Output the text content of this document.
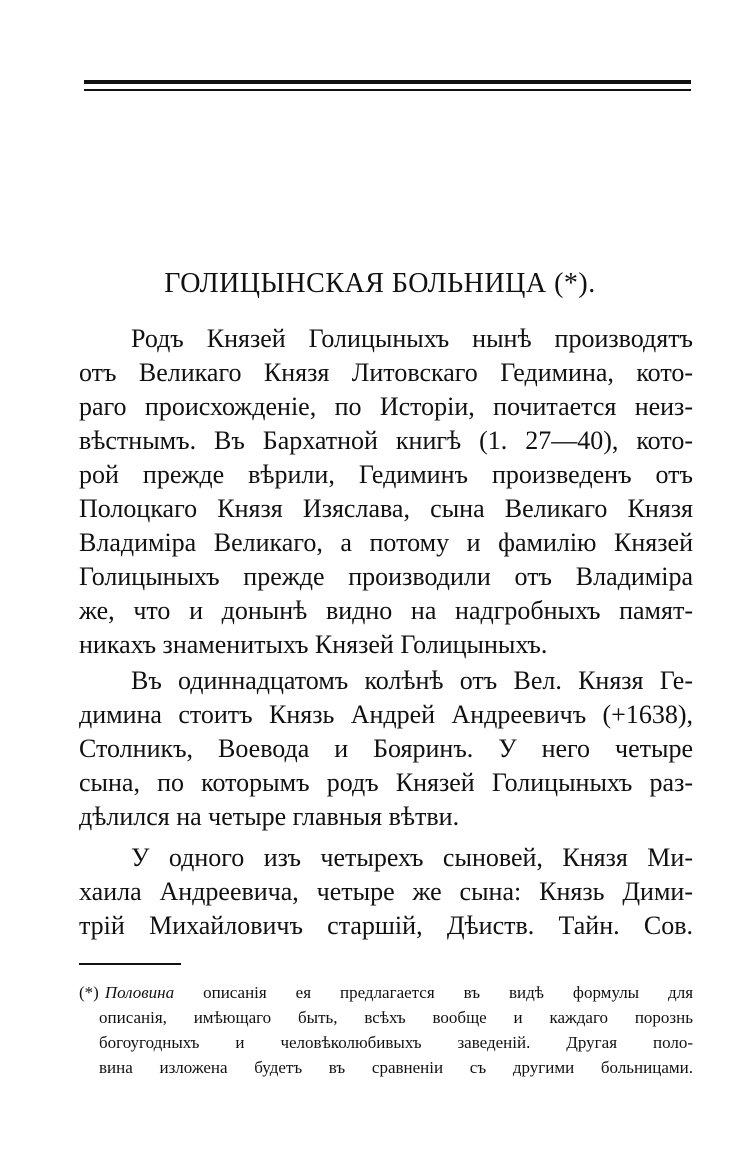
ГОЛИЦЫНСКАЯ БОЛЬНИЦА (*).
Родъ Князей Голицыныхъ нынѣ производятъ
отъ Великаго Князя Литовскаго Гедимина, кото-
раго происхожденіе, по Исторіи, почитается неиз-
вѣстнымъ. Въ Бархатной книгѣ (1. 27—40), кото-
рой прежде вѣрили, Гедиминъ произведенъ отъ
Полоцкаго Князя Изяслава, сына Великаго Князя
Владиміра Великаго, а потому и фамилію Князей
Голицыныхъ прежде производили отъ Владиміра
же, что и донынѣ видно на надгробныхъ памят-
никахъ знаменитыхъ Князей Голицыныхъ.
Въ одиннадцатомъ колѣнѣ отъ Вел. Князя Ге-
димина стоитъ Князь Андрей Андреевичъ (+1638),
Столникъ, Воевода и Бояринъ. У него четыре
сына, по которымъ родъ Князей Голицыныхъ раз-
дѣлился на четыре главныя вѣтви.
У одного изъ четырехъ сыновей, Князя Ми-
хаила Андреевича, четыре же сына: Князь Дими-
трій Михайловичъ старшій, Дѣиств. Тайн. Сов.
(*) Половина описанія ея предлагается въ видѣ формулы для
описанія, имѣющаго быть, всѣхъ вообще и каждаго порознь
богоугодныхъ и человѣколюбивыхъ заведеній. Другая поло-
вина изложена будетъ въ сравненіи съ другими больницами.
